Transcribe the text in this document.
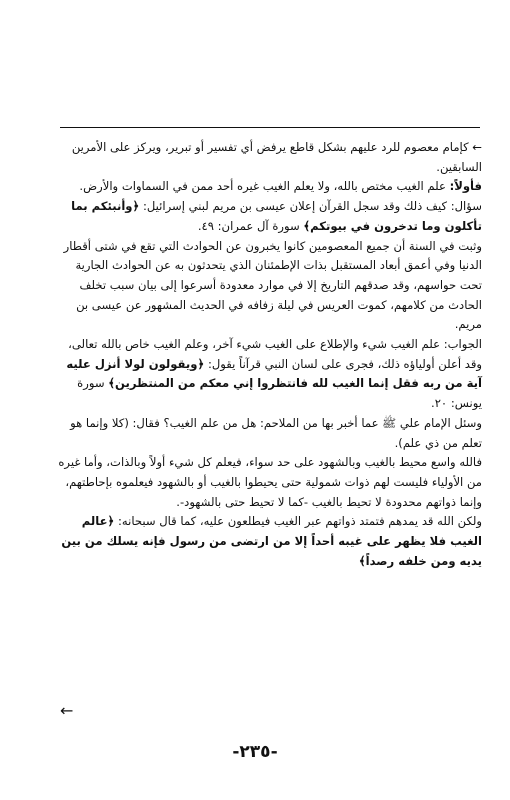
← كإمام معصوم للرد عليهم بشكل قاطع يرفض أي تفسير أو تبرير، ويركز على الأمرين السابقين.

فأولاً: علم الغيب مختص بالله، ولا يعلم الغيب غيره أحد ممن في السماوات والأرض.

سؤال: كيف ذلك وقد سجل القرآن إعلان عيسى بن مريم لبني إسرائيل: ﴿وأنبئكم بما تأكلون وما تدخرون في بيوتكم﴾ سورة آل عمران: ٤٩.

وثبت في السنة أن جميع المعصومين كانوا يخبرون عن الحوادث التي تقع في شتى أقطار الدنيا وفي أعمق أبعاد المستقبل بذات الإطمئنان الذي يتحدثون به عن الحوادث الجارية تحت حواسهم، وقد صدقهم التاريخ إلا في موارد معدودة أسرعوا إلى بيان سبب تخلف الحادث من كلامهم، كموت العريس في ليلة زفافه في الحديث المشهور عن عيسى بن مريم.

الجواب: علم الغيب شيء والإطلاع على الغيب شيء آخر، وعلم الغيب خاص بالله تعالى، وقد أعلن أولياؤه ذلك، فجرى على لسان النبي قرآناً يقول: ﴿ويقولون لولا أنزل عليه آية من ربه فقل إنما الغيب لله فانتظروا إني معكم من المنتظرين﴾ سورة يونس: ٢٠.

وسئل الإمام علي ﷺ عما أخبر بها من الملاحم: هل من علم الغيب؟ فقال: (كلا وإنما هو تعلم من ذي علم).

فالله واسع محيط بالغيب وبالشهود على حد سواء، فيعلم كل شيء أولاً وبالذات، وأما غيره من الأولياء فليست لهم ذوات شمولية حتى يحيطوا بالغيب أو بالشهود فيعلموه بإحاطتهم، وإنما ذواتهم محدودة لا تحيط بالغيب -كما لا تحيط حتى بالشهود-.

ولكن الله قد يمدهم فتمتد ذواتهم عبر الغيب فيطلعون عليه، كما قال سبحانه: ﴿عالم الغيب فلا يظهر على غيبه أحداً إلا من ارتضى من رسول فإنه يسلك من بين يديه ومن خلفه رصداً﴾

←
-٢٣٥-
